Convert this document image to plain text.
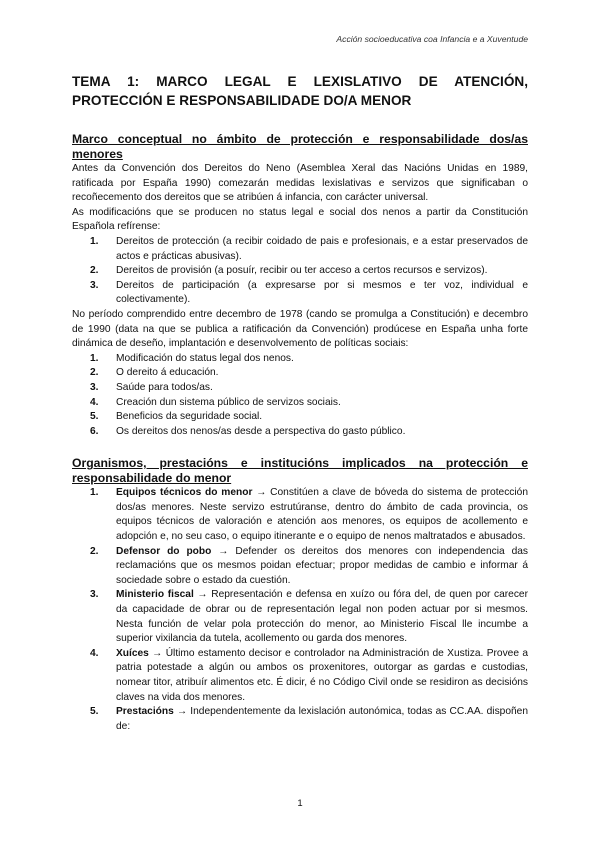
Acción socioeducativa coa Infancia e a Xuventude
TEMA 1: MARCO LEGAL E LEXISLATIVO DE ATENCIÓN,
PROTECCIÓN E RESPONSABILIDADE DO/A MENOR
Marco conceptual no ámbito de protección e responsabilidade dos/as
menores

Antes da Convención dos Dereitos do Neno (Asemblea Xeral das Nacións Unidas en 1989, ratificada por España 1990) comezarán medidas lexislativas e servizos que significaban o recoñecemento dos dereitos que se atribúen á infancia, con carácter universal.

As modificacións que se producen no status legal e social dos nenos a partir da Constitución Española refírense:

1. Dereitos de protección (a recibir coidado de pais e profesionais, e a estar preservados de actos e prácticas abusivas).
2. Dereitos de provisión (a posuír, recibir ou ter acceso a certos recursos e servizos).
3. Dereitos de participación (a expresarse por si mesmos e ter voz, individual e colectivamente).

No período comprendido entre decembro de 1978 (cando se promulga a Constitución) e decembro de 1990 (data na que se publica a ratificación da Convención) prodúcese en España unha forte dinámica de deseño, implantación e desenvolvemento de políticas sociais:

1. Modificación do status legal dos nenos.
2. O dereito á educación.
3. Saúde para todos/as.
4. Creación dun sistema público de servizos sociais.
5. Beneficios da seguridade social.
6. Os dereitos dos nenos/as desde a perspectiva do gasto público.
Organismos, prestacións e institucións implicados na protección e
responsabilidade do menor
1. Equipos técnicos do menor → Constitúen a clave de bóveda do sistema de protección dos/as menores. Neste servizo estrutúranse, dentro do ámbito de cada provincia, os equipos técnicos de valoración e atención aos menores, os equipos de acollemento e adopción e, no seu caso, o equipo itinerante e o equipo de nenos maltratados e abusados.
2. Defensor do pobo → Defender os dereitos dos menores con independencia das reclamacións que os mesmos poidan efectuar; propor medidas de cambio e informar á sociedade sobre o estado da cuestión.
3. Ministerio fiscal → Representación e defensa en xuízo ou fóra del, de quen por carecer da capacidade de obrar ou de representación legal non poden actuar por si mesmos. Nesta función de velar pola protección do menor, ao Ministerio Fiscal lle incumbe a superior vixilancia da tutela, acollemento ou garda dos menores.
4. Xuíces → Último estamento decisor e controlador na Administración de Xustiza. Provee a patria potestade a algún ou ambos os proxenitores, outorgar as gardas e custodias, nomear titor, atribuír alimentos etc. É dicir, é no Código Civil onde se residiron as decisións claves na vida dos menores.
5. Prestacións → Independentemente da lexislación autonómica, todas as CC.AA. dispoñen de:
1
